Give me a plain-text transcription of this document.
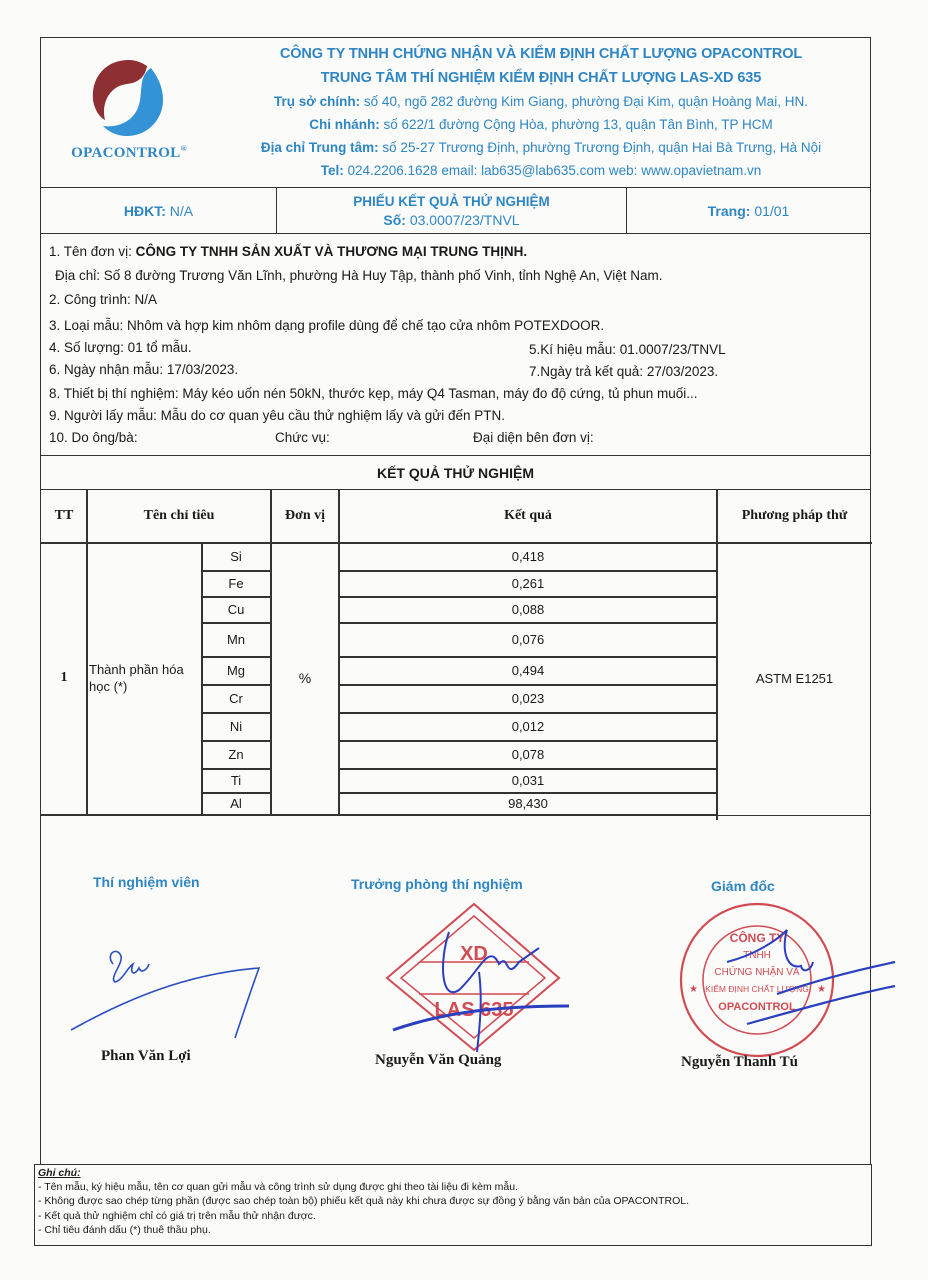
OPACONTROL®
CÔNG TY TNHH CHỨNG NHẬN VÀ KIỂM ĐỊNH CHẤT LƯỢNG OPACONTROL
TRUNG TÂM THÍ NGHIỆM KIỂM ĐỊNH CHẤT LƯỢNG LAS-XD 635
Trụ sở chính: số 40, ngõ 282 đường Kim Giang, phường Đại Kim, quận Hoàng Mai, HN.
Chi nhánh: số 622/1 đường Cộng Hòa, phường 13, quận Tân Bình, TP HCM
Địa chỉ Trung tâm: số 25-27 Trương Định, phường Trương Định, quận Hai Bà Trưng, Hà Nội
Tel: 024.2206.1628 email: lab635@lab635.com web: www.opavietnam.vn
HĐKT:
N/A
PHIẾU KẾT QUẢ THỬ NGHIỆM
Số: 03.0007/23/TNVL
Trang:
01/01
1. Tên đơn vị: CÔNG TY TNHH SẢN XUẤT VÀ THƯƠNG MẠI TRUNG THỊNH.
Địa chỉ: Số 8 đường Trương Văn Lĩnh, phường Hà Huy Tập, thành phố Vinh, tỉnh Nghệ An, Việt Nam.
2. Công trình: N/A
3. Loại mẫu: Nhôm và hợp kim nhôm dạng profile dùng để chế tạo cửa nhôm POTEXDOOR.
4. Số lượng: 01 tổ mẫu.	5.Kí hiệu mẫu: 01.0007/23/TNVL
6. Ngày nhận mẫu: 17/03/2023.	7.Ngày trả kết quả: 27/03/2023.
8. Thiết bị thí nghiệm: Máy kéo uốn nén 50kN, thước kẹp, máy Q4 Tasman, máy đo độ cứng, tủ phun muối...
9. Người lấy mẫu: Mẫu do cơ quan yêu cầu thử nghiệm lấy và gửi đến PTN.
10. Do ông/bà:	Chức vụ:	Đại diện bên đơn vị:
KẾT QUẢ THỬ NGHIỆM
TT	Tên chỉ tiêu	Đơn vị	Kết quả	Phương pháp thử
1
Thành phần hóa học (*)
%	ASTM E1251
Si	0,418
Fe	0,261
Cu	0,088
Mn	0,076
Mg	0,494
Cr	0,023
Ni	0,012
Zn	0,078
Ti	0,031
Al	98,430
Thí nghiệm viên	Trưởng phòng thí nghiệm	Giám đốc
XD
LAS 635
CÔNG TY
TNHH
CHỨNG NHẬN VÀ
KIỂM ĐỊNH CHẤT LƯỢNG
OPACONTROL
★	★
Phan Văn Lợi	Nguyễn Văn Quảng	Nguyễn Thanh Tú
Ghi chú:
- Tên mẫu, ký hiệu mẫu, tên cơ quan gửi mẫu và công trình sử dụng được ghi theo tài liệu đi kèm mẫu.
- Không được sao chép từng phần (được sao chép toàn bộ) phiếu kết quả này khi chưa được sự đồng ý bằng văn bản của OPACONTROL.
- Kết quả thử nghiệm chỉ có giá trị trên mẫu thử nhận được.
- Chỉ tiêu đánh dấu (*) thuê thầu phụ.
